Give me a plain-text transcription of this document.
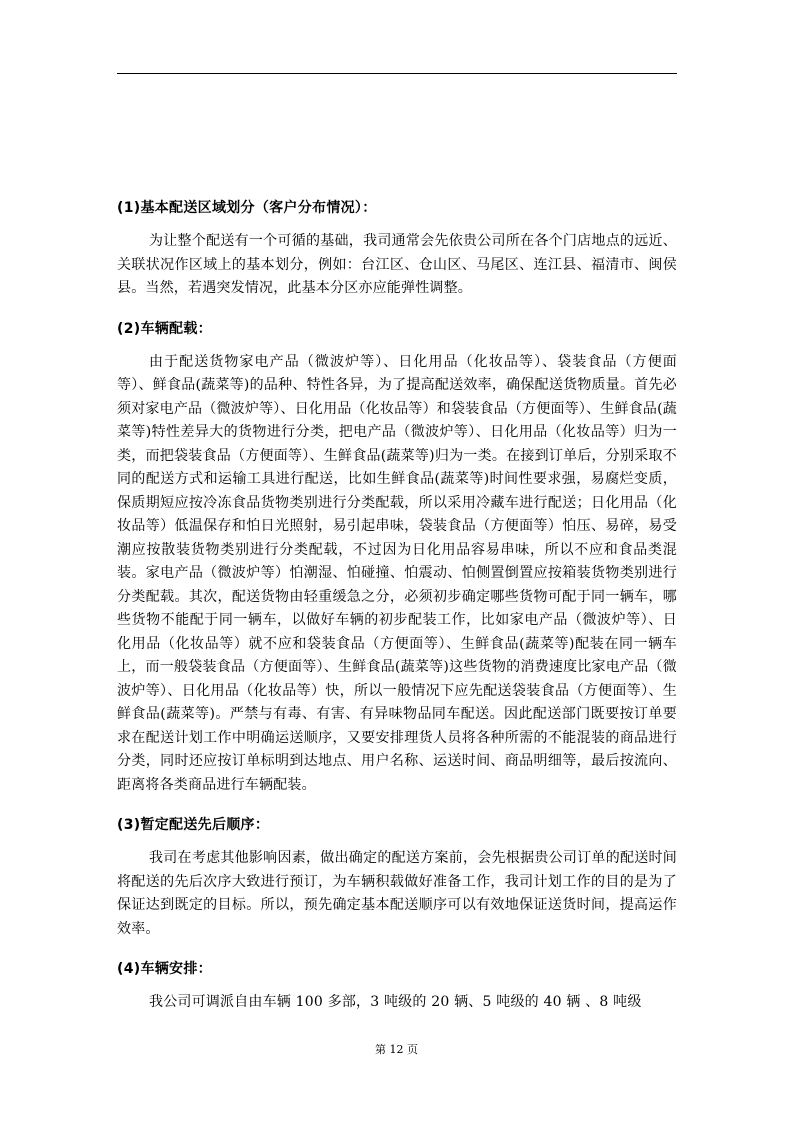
(1)基本配送区域划分（客户分布情况）：

为让整个配送有一个可循的基础，我司通常会先依贵公司所在各个门店地点的远近、关联状况作区域上的基本划分，例如：台江区、仓山区、马尾区、连江县、福清市、闽侯县。当然，若遇突发情况，此基本分区亦应能弹性调整。

(2)车辆配载：

由于配送货物家电产品（微波炉等）、日化用品（化妆品等）、袋装食品（方便面等）、鲜食品(蔬菜等)的品种、特性各异，为了提高配送效率，确保配送货物质量。首先必须对家电产品（微波炉等）、日化用品（化妆品等）和袋装食品（方便面等）、生鲜食品(蔬菜等)特性差异大的货物进行分类，把电产品（微波炉等）、日化用品（化妆品等）归为一类，而把袋装食品（方便面等）、生鲜食品(蔬菜等)归为一类。在接到订单后，分别采取不同的配送方式和运输工具进行配送，比如生鲜食品(蔬菜等)时间性要求强，易腐烂变质，保质期短应按冷冻食品货物类别进行分类配载，所以采用冷藏车进行配送；日化用品（化妆品等）低温保存和怕日光照射，易引起串味，袋装食品（方便面等）怕压、易碎，易受潮应按散装货物类别进行分类配载，不过因为日化用品容易串味，所以不应和食品类混装。家电产品（微波炉等）怕潮湿、怕碰撞、怕震动、怕侧置倒置应按箱装货物类别进行分类配载。其次，配送货物由轻重缓急之分，必须初步确定哪些货物可配于同一辆车，哪些货物不能配于同一辆车，以做好车辆的初步配装工作，比如家电产品（微波炉等）、日化用品（化妆品等）就不应和袋装食品（方便面等）、生鲜食品(蔬菜等)配装在同一辆车上，而一般袋装食品（方便面等）、生鲜食品(蔬菜等)这些货物的消费速度比家电产品（微波炉等）、日化用品（化妆品等）快，所以一般情况下应先配送袋装食品（方便面等）、生鲜食品(蔬菜等)。严禁与有毒、有害、有异味物品同车配送。因此配送部门既要按订单要求在配送计划工作中明确运送顺序，又要安排理货人员将各种所需的不能混装的商品进行分类，同时还应按订单标明到达地点、用户名称、运送时间、商品明细等，最后按流向、距离将各类商品进行车辆配装。

(3)暂定配送先后顺序：

我司在考虑其他影响因素，做出确定的配送方案前，会先根据贵公司订单的配送时间将配送的先后次序大致进行预订，为车辆积载做好准备工作，我司计划工作的目的是为了保证达到既定的目标。所以，预先确定基本配送顺序可以有效地保证送货时间，提高运作效率。

(4)车辆安排：

我公司可调派自由车辆 100 多部，3 吨级的 20 辆、5 吨级的 40 辆 、8 吨级

第 12 页
